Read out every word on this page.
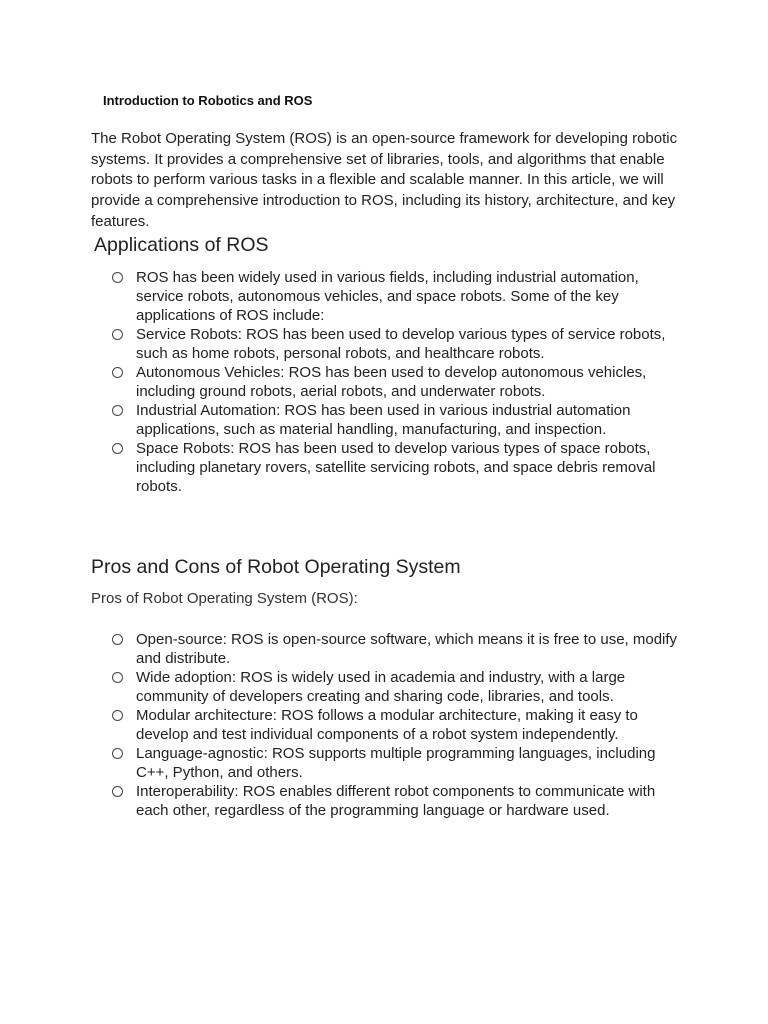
Introduction to Robotics and ROS

The Robot Operating System (ROS) is an open-source framework for developing robotic systems. It provides a comprehensive set of libraries, tools, and algorithms that enable robots to perform various tasks in a flexible and scalable manner. In this article, we will provide a comprehensive introduction to ROS, including its history, architecture, and key features.

Applications of ROS
ROS has been widely used in various fields, including industrial automation, service robots, autonomous vehicles, and space robots. Some of the key applications of ROS include:
Service Robots: ROS has been used to develop various types of service robots, such as home robots, personal robots, and healthcare robots.
Autonomous Vehicles: ROS has been used to develop autonomous vehicles, including ground robots, aerial robots, and underwater robots.
Industrial Automation: ROS has been used in various industrial automation applications, such as material handling, manufacturing, and inspection.
Space Robots: ROS has been used to develop various types of space robots, including planetary rovers, satellite servicing robots, and space debris removal robots.
Pros and Cons of Robot Operating System

Pros of Robot Operating System (ROS):

Open-source: ROS is open-source software, which means it is free to use, modify and distribute.
Wide adoption: ROS is widely used in academia and industry, with a large community of developers creating and sharing code, libraries, and tools.
Modular architecture: ROS follows a modular architecture, making it easy to develop and test individual components of a robot system independently.
Language-agnostic: ROS supports multiple programming languages, including C++, Python, and others.
Interoperability: ROS enables different robot components to communicate with each other, regardless of the programming language or hardware used.
